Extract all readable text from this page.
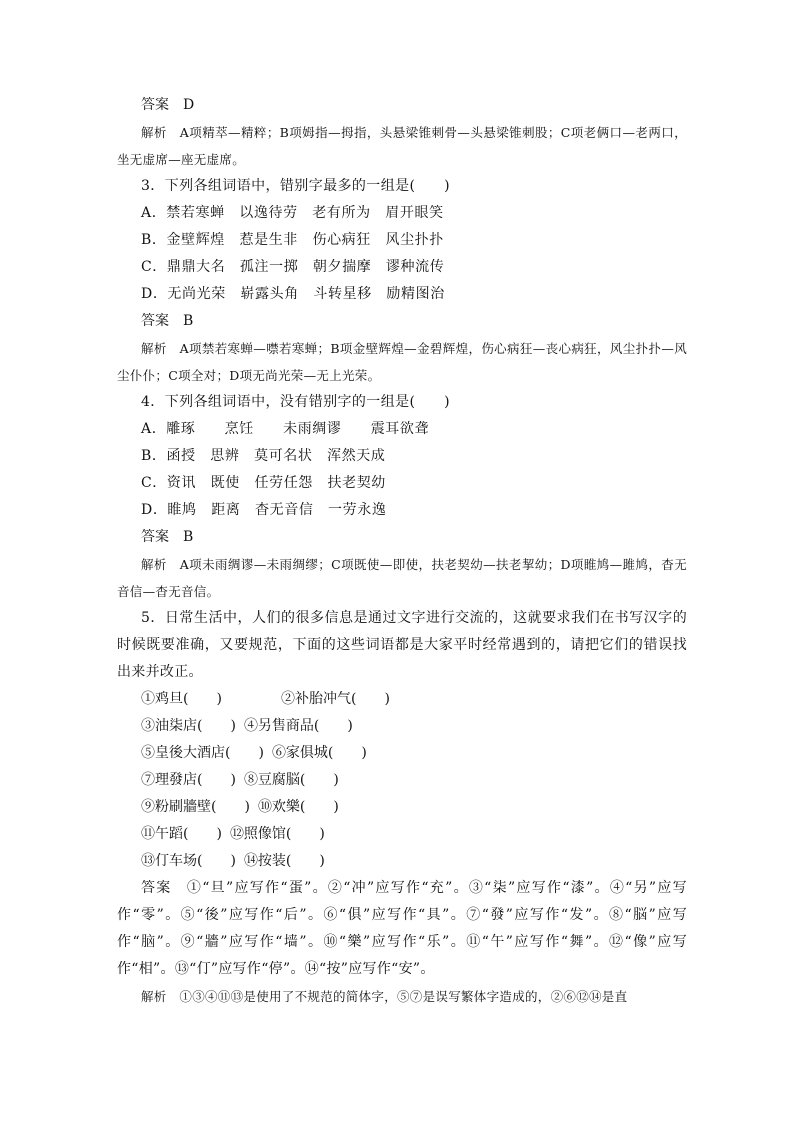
答案　D
解析　A项精萃—精粹；B项姆指—拇指，头悬梁锥刺骨—头悬梁锥刺股；C项老俩口—老两口，坐无虚席—座无虚席。
3．下列各组词语中，错别字最多的一组是(　　)
A．禁若寒蝉　以逸待劳　老有所为　眉开眼笑
B．金壁辉煌　惹是生非　伤心病狂　风尘扑扑
C．鼎鼎大名　孤注一掷　朝夕揣摩　谬种流传
D．无尚光荣　崭露头角　斗转星移　励精图治
答案　B
解析　A项禁若寒蝉—噤若寒蝉；B项金壁辉煌—金碧辉煌，伤心病狂—丧心病狂，风尘扑扑—风尘仆仆；C项全对；D项无尚光荣—无上光荣。
4．下列各组词语中，没有错别字的一组是(　　)
A．雕琢　　烹饪　　未雨绸谬　　震耳欲聋
B．函授　思辨　莫可名状　浑然天成
C．资讯　既使　任劳任怨　扶老契幼
D．睢鸠　距离　杳无音信　一劳永逸
答案　B
解析　A项未雨绸谬—未雨绸缪；C项既使—即使，扶老契幼—扶老挈幼；D项睢鸠—雎鸠，杳无音信—杳无音信。
5．日常生活中，人们的很多信息是通过文字进行交流的，这就要求我们在书写汉字的时候既要准确，又要规范，下面的这些词语都是大家平时经常遇到的，请把它们的错误找出来并改正。
①鸡旦(　　)	②补胎冲气(　　)
③油柒店(　　) ④另售商品(　　)
⑤皇後大酒店(　　) ⑥家俱城(　　)
⑦理發店(　　) ⑧豆腐脳(　　)
⑨粉刷牆壁(　　) ⑩欢樂(　　)
⑪午蹈(　　) ⑫照像馆(　　)
⑬仃车场(　　) ⑭按装(　　)
答案　①“旦”应写作“蛋”。②“冲”应写作“充”。③“柒”应写作“漆”。④“另”应写作“零”。⑤“後”应写作“后”。⑥“俱”应写作“具”。⑦“發”应写作“发”。⑧“脳”应写作“脑”。⑨“牆”应写作“墙”。⑩“樂”应写作“乐”。⑪“午”应写作“舞”。⑫“像”应写作“相”。⑬“仃”应写作“停”。⑭“按”应写作“安”。
解析　①③④⑪⑬是使用了不规范的简体字，⑤⑦是误写繁体字造成的，②⑥⑫⑭是直
